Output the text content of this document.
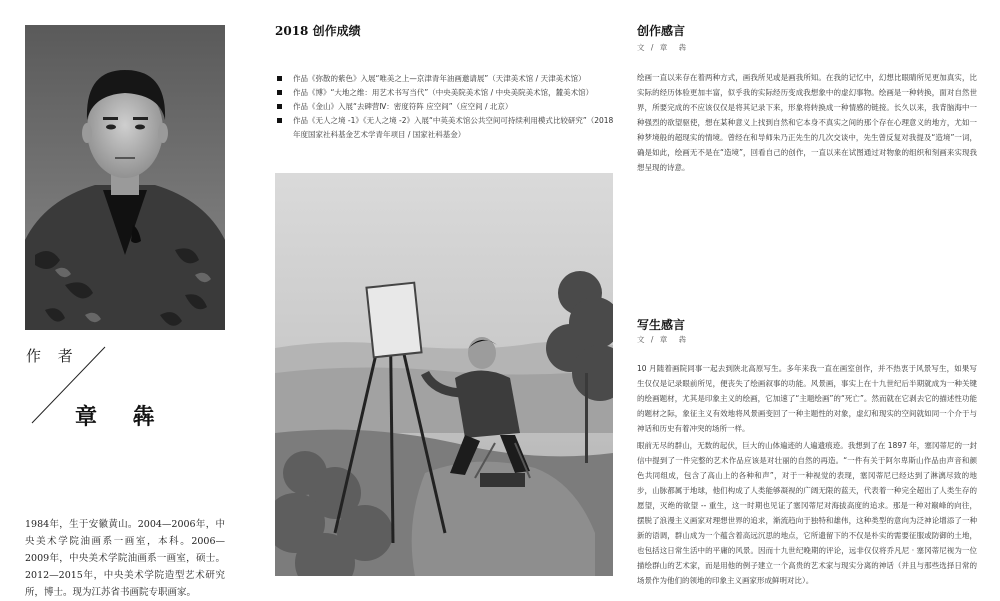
作 者
章 犇
1984年，生于安徽黄山。2004—2006年，中央美术学院油画系一画室，本科。2006—2009年，中央美术学院油画系一画室，硕士。2012—2015年，中央美术学院造型艺术研究所，博士。现为江苏省书画院专职画家。
2018 创作成绩
作品《弥散的紫色》入展“唯美之上—京津青年油画邀请展”（天津美术馆 / 天津美术馆）
作品《博》“大地之维：用艺术书写当代”（中央美院美术馆 / 中央美院美术馆，麓美术馆）
作品《金山》入展“去碑营Ⅳ：密度符阵 应空间”（应空间 / 北京）
作品《无人之境 -1》《无人之境 -2》入展“中英美术馆公共空间可持续利用模式比较研究”（2018年度国家社科基金艺术学青年项目 / 国家社科基金）
创作感言
文 / 章　犇

绘画一直以来存在着两种方式，画我所见或是画我所知。在我的记忆中，幻想比眼睛所见更加真实，比实际的经历体验更加丰富，似乎我的实际经历变成我想象中的虚幻事物。绘画是一种转换，面对自然世界，所要完成的不应该仅仅是将其记录下来，形象将转换成一种情感的链接。长久以来，我背脑海中一种强烈的欲望驱使，想在某种意义上找到自然和它本身不真实之间的那个存在心理意义的地方，尤如一种梦境般的超现实的情境。曾经在和导师朱乃正先生的几次交谈中，先生曾反复对我提及“造境”一词，确是如此，绘画无不是在“造境”，回看自己的创作，一直以来在试图通过对物象的组织和刻画来实现我想呈现的诗意。

写生感言
文 / 章　犇

10 月随着画院同事一起去到陕北高原写生。多年来我一直在画室创作，并不热衷于风景写生，如果写生仅仅是记录眼前所见，便丧失了绘画叙事的功能。风景画，事实上在十九世纪后半期就成为一种关键的绘画题材，尤其是印象主义的绘画，它加速了“主题绘画”的“死亡”。然而就在它剥去它的描述性功能的题材之际，象征主义有效地将风景画变回了一种主题性的对象，虚幻和现实的空间就如同一个介于与神话和历史有着冲突的场所一样。

眼前无尽的群山，无数的起伏，巨大的山体遍迹的人遍遗痕迹。我想到了在 1897 年，塞冈蒂尼的一封信中提到了一件完整的艺术作品应该是对壮丽的自然的再造。“一件有关于阿尔卑斯山作品由声音和颜色共同组成，包含了高山上的各种和声”，对于一种视觉的表现，塞冈蒂尼已经达到了淋漓尽致的地步，山脉都属于地球，他们构成了人类能够凝视的广阔无限的蓝天，代表着一种完全超出了人类生存的愿望，灭绝的欲望 -- 重生，这一时期也见证了塞冈蒂尼对海拔高度的追求。那是一种对巅峰的向往，摆脱了浪漫主义画家对理想世界的追求，渐流趋向于独特和雄伟，这种类型的意向为泛神论增添了一种新的语调，群山成为一个蕴含着高远沉思的地点，它所遗留下的不仅是朴实的需要征服或防御的土地，也包括这日常生活中的平庸的风景。因而十九世纪晚期的评论，远非仅仅将乔凡尼 · 塞冈蒂尼视为一位描绘群山的艺术家，而是用他的例子建立一个高贵的艺术家与现实分离的神话（并且与那些选择日常的场景作为他们的领地的印象主义画家形成鲜明对比）。
